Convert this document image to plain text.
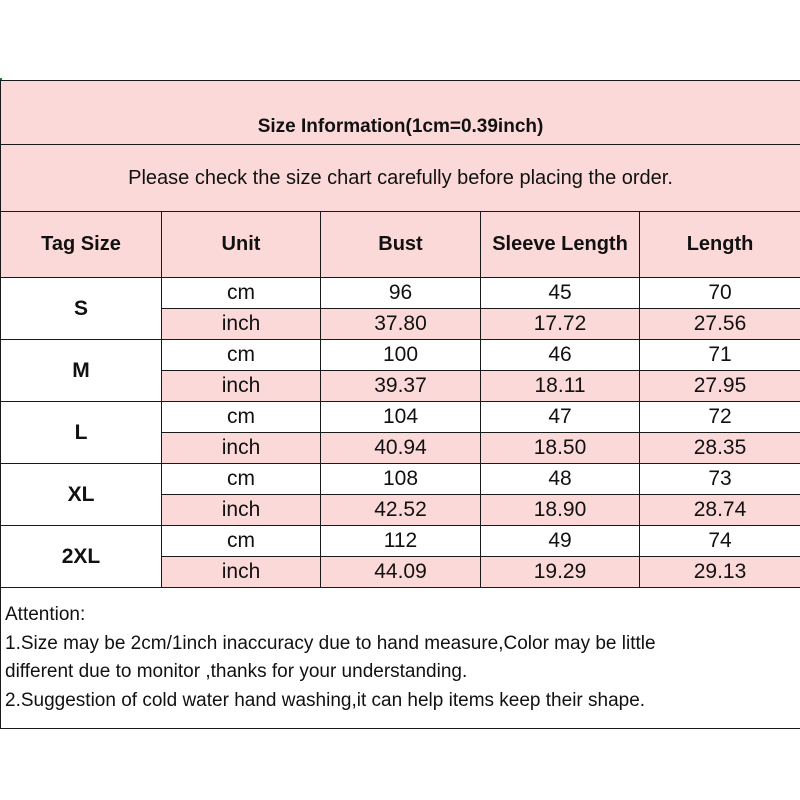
Size Information(1cm=0.39inch)				
Please check the size chart carefully before placing the order.				
Tag Size	Unit	Bust	Sleeve Length	Length
S	cm	96	45	70
	inch	37.80	17.72	27.56
M	cm	100	46	71
	inch	39.37	18.11	27.95
L	cm	104	47	72
	inch	40.94	18.50	28.35
XL	cm	108	48	73
	inch	42.52	18.90	28.74
2XL	cm	112	49	74
	inch	44.09	19.29	29.13

Attention:
1.Size may be 2cm/1inch inaccuracy due to hand measure,Color may be little
different due to monitor ,thanks for your understanding.
2.Suggestion of cold water hand washing,it can help items keep their shape.				
